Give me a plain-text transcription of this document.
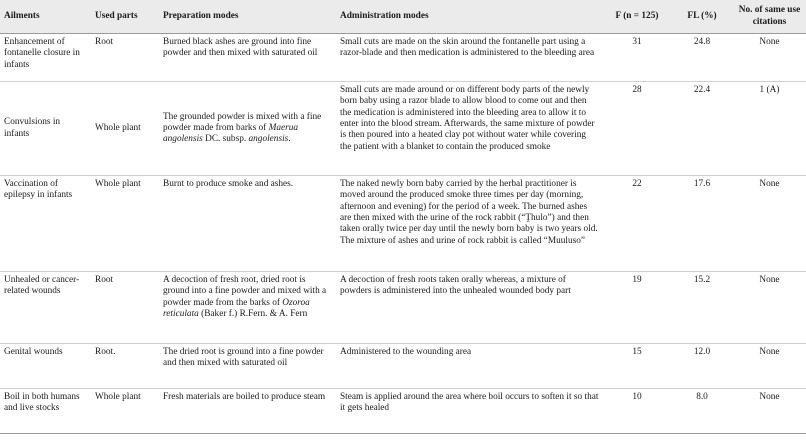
Ailments	Used parts	Preparation modes	Administration modes	F (n = 125)	FL (%)	No. of same use citations
Enhancement of fontanelle closure in infants	Root	Burned black ashes are ground into fine powder and then mixed with saturated oil	Small cuts are made on the skin around the fontanelle part using a razor-blade and then medication is administered to the bleeding area	31	24.8	None
Convulsions in infants	Whole plant	The grounded powder is mixed with a fine powder made from barks of Maerua angolensis DC. subsp. angolensis.	Small cuts are made around or on different body parts of the newly born baby using a razor blade to allow blood to come out and then the medication is administered into the bleeding area to allow it to enter into the blood stream. Afterwards, the same mixture of powder is then poured into a heated clay pot without water while covering the patient with a blanket to contain the produced smoke	28	22.4	1 (A)
Vaccination of epilepsy in infants	Whole plant	Burnt to produce smoke and ashes.	The naked newly born baby carried by the herbal practitioner is moved around the produced smoke three times per day (morning, afternoon and evening) for the period of a week. The burned ashes are then mixed with the urine of the rock rabbit (“Ṱhulo”) and then taken orally twice per day until the newly born baby is two years old. The mixture of ashes and urine of rock rabbit is called “Muuluso”	22	17.6	None
Unhealed or cancer-related wounds	Root	A decoction of fresh root, dried root is ground into a fine powder and mixed with a powder made from the barks of Ozoroa reticulata (Baker f.) R.Fern. & A. Fern	A decoction of fresh roots taken orally whereas, a mixture of powders is administered into the unhealed wounded body part	19	15.2	None
Genital wounds	Root.	The dried root is ground into a fine powder and then mixed with saturated oil	Administered to the wounding area	15	12.0	None
Boil in both humans and live stocks	Whole plant	Fresh materials are boiled to produce steam	Steam is applied around the area where boil occurs to soften it so that it gets healed	10	8.0	None
